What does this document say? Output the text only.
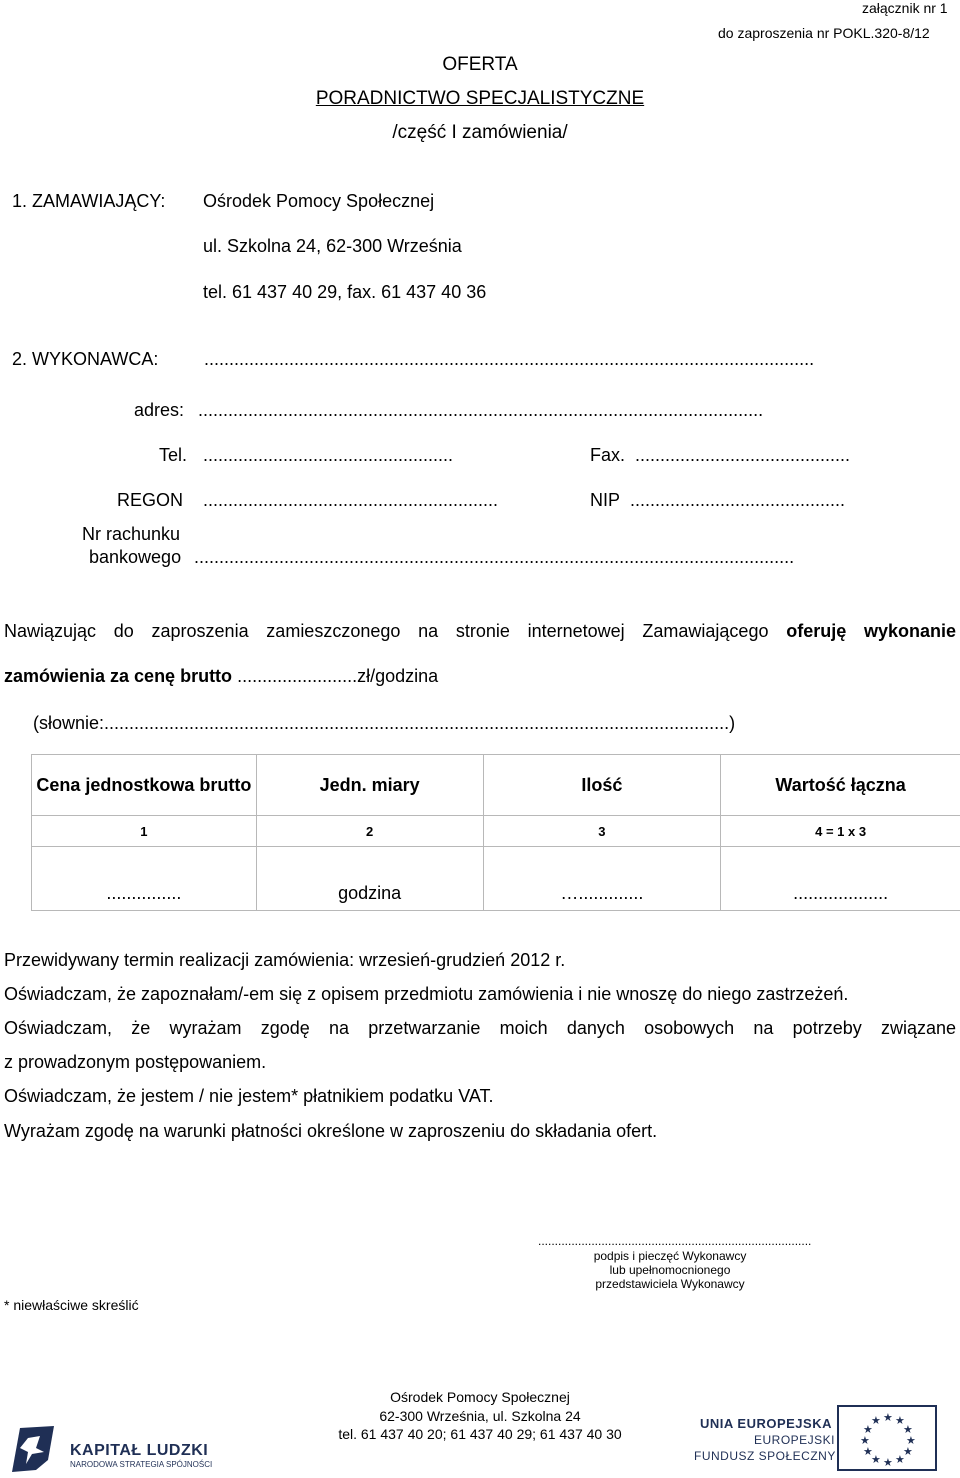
załącznik nr 1
do zaproszenia nr POKL.320-8/12
OFERTA
PORADNICTWO SPECJALISTYCZNE
/część I zamówienia/
1. ZAMAWIAJĄCY: Ośrodek Pomocy Społecznej
ul. Szkolna 24, 62-300 Września
tel. 61 437 40 29, fax. 61 437 40 36
2. WYKONAWCA:	..........................................................................................................................
adres: .................................................................................................................
Tel. ..................................................	Fax. ...........................................
REGON ...........................................................	NIP ...........................................
Nr rachunku
bankowego ........................................................................................................................
Nawiązując do zaproszenia zamieszczonego na stronie internetowej Zamawiającego oferuję wykonanie
zamówienia za cenę brutto ........................zł/godzina
(słownie:.............................................................................................................................)
Cena jednostkowa brutto	Jedn. miary	Ilość	Wartość łączna
1	2	3	4 = 1 x 3
...............	godzina	….............	...................
Przewidywany termin realizacji zamówienia: wrzesień-grudzień 2012 r.
Oświadczam, że zapoznałam/-em się z opisem przedmiotu zamówienia i nie wnoszę do niego zastrzeżeń.
Oświadczam, że wyrażam zgodę na przetwarzanie moich danych osobowych na potrzeby związane
z prowadzonym postępowaniem.
Oświadczam, że jestem / nie jestem* płatnikiem podatku VAT.
Wyrażam zgodę na warunki płatności określone w zaproszeniu do składania ofert.
..................................................................................
podpis i pieczęć Wykonawcy
lub upełnomocnionego
przedstawiciela Wykonawcy
* niewłaściwe skreślić
Ośrodek Pomocy Społecznej
62-300 Września, ul. Szkolna 24
tel. 61 437 40 20; 61 437 40 29; 61 437 40 30
KAPITAŁ LUDZKI
NARODOWA STRATEGIA SPÓJNOŚCI
UNIA EUROPEJSKA
EUROPEJSKI
FUNDUSZ SPOŁECZNY
★ ★
★
★
★
★
★
★
★
★
★
★
